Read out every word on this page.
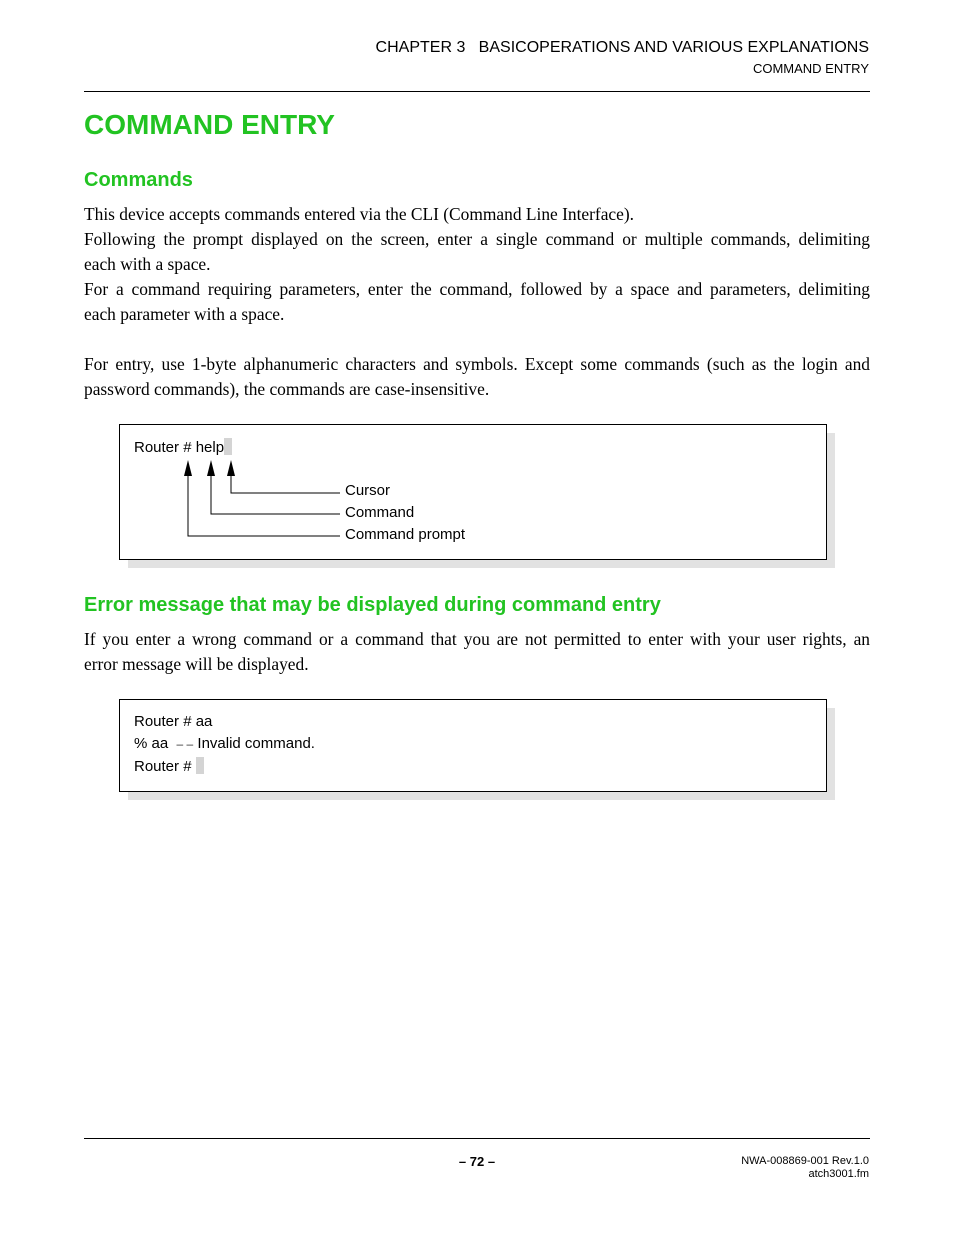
CHAPTER 3   BASICOPERATIONS AND VARIOUS EXPLANATIONS
COMMAND ENTRY
COMMAND ENTRY
Commands

This device accepts commands entered via the CLI (Command Line Interface).

Following the prompt displayed on the screen, enter a single command or multiple commands, delimiting

each with a space.

For a command requiring parameters, enter the command, followed by a space and parameters, delimiting

each parameter with a space.

For entry, use 1-byte alphanumeric characters and symbols. Except some commands (such as the login and

password commands), the commands are case-insensitive.

Router # help
Cursor
Command
Command prompt
Error message that may be displayed during command entry

If you enter a wrong command or a command that you are not permitted to enter with your user rights, an

error message will be displayed.

Router # aa
% aa – – Invalid command.
Router #
– 72 –	NWA-008869-001 Rev.1.0
atch3001.fm
